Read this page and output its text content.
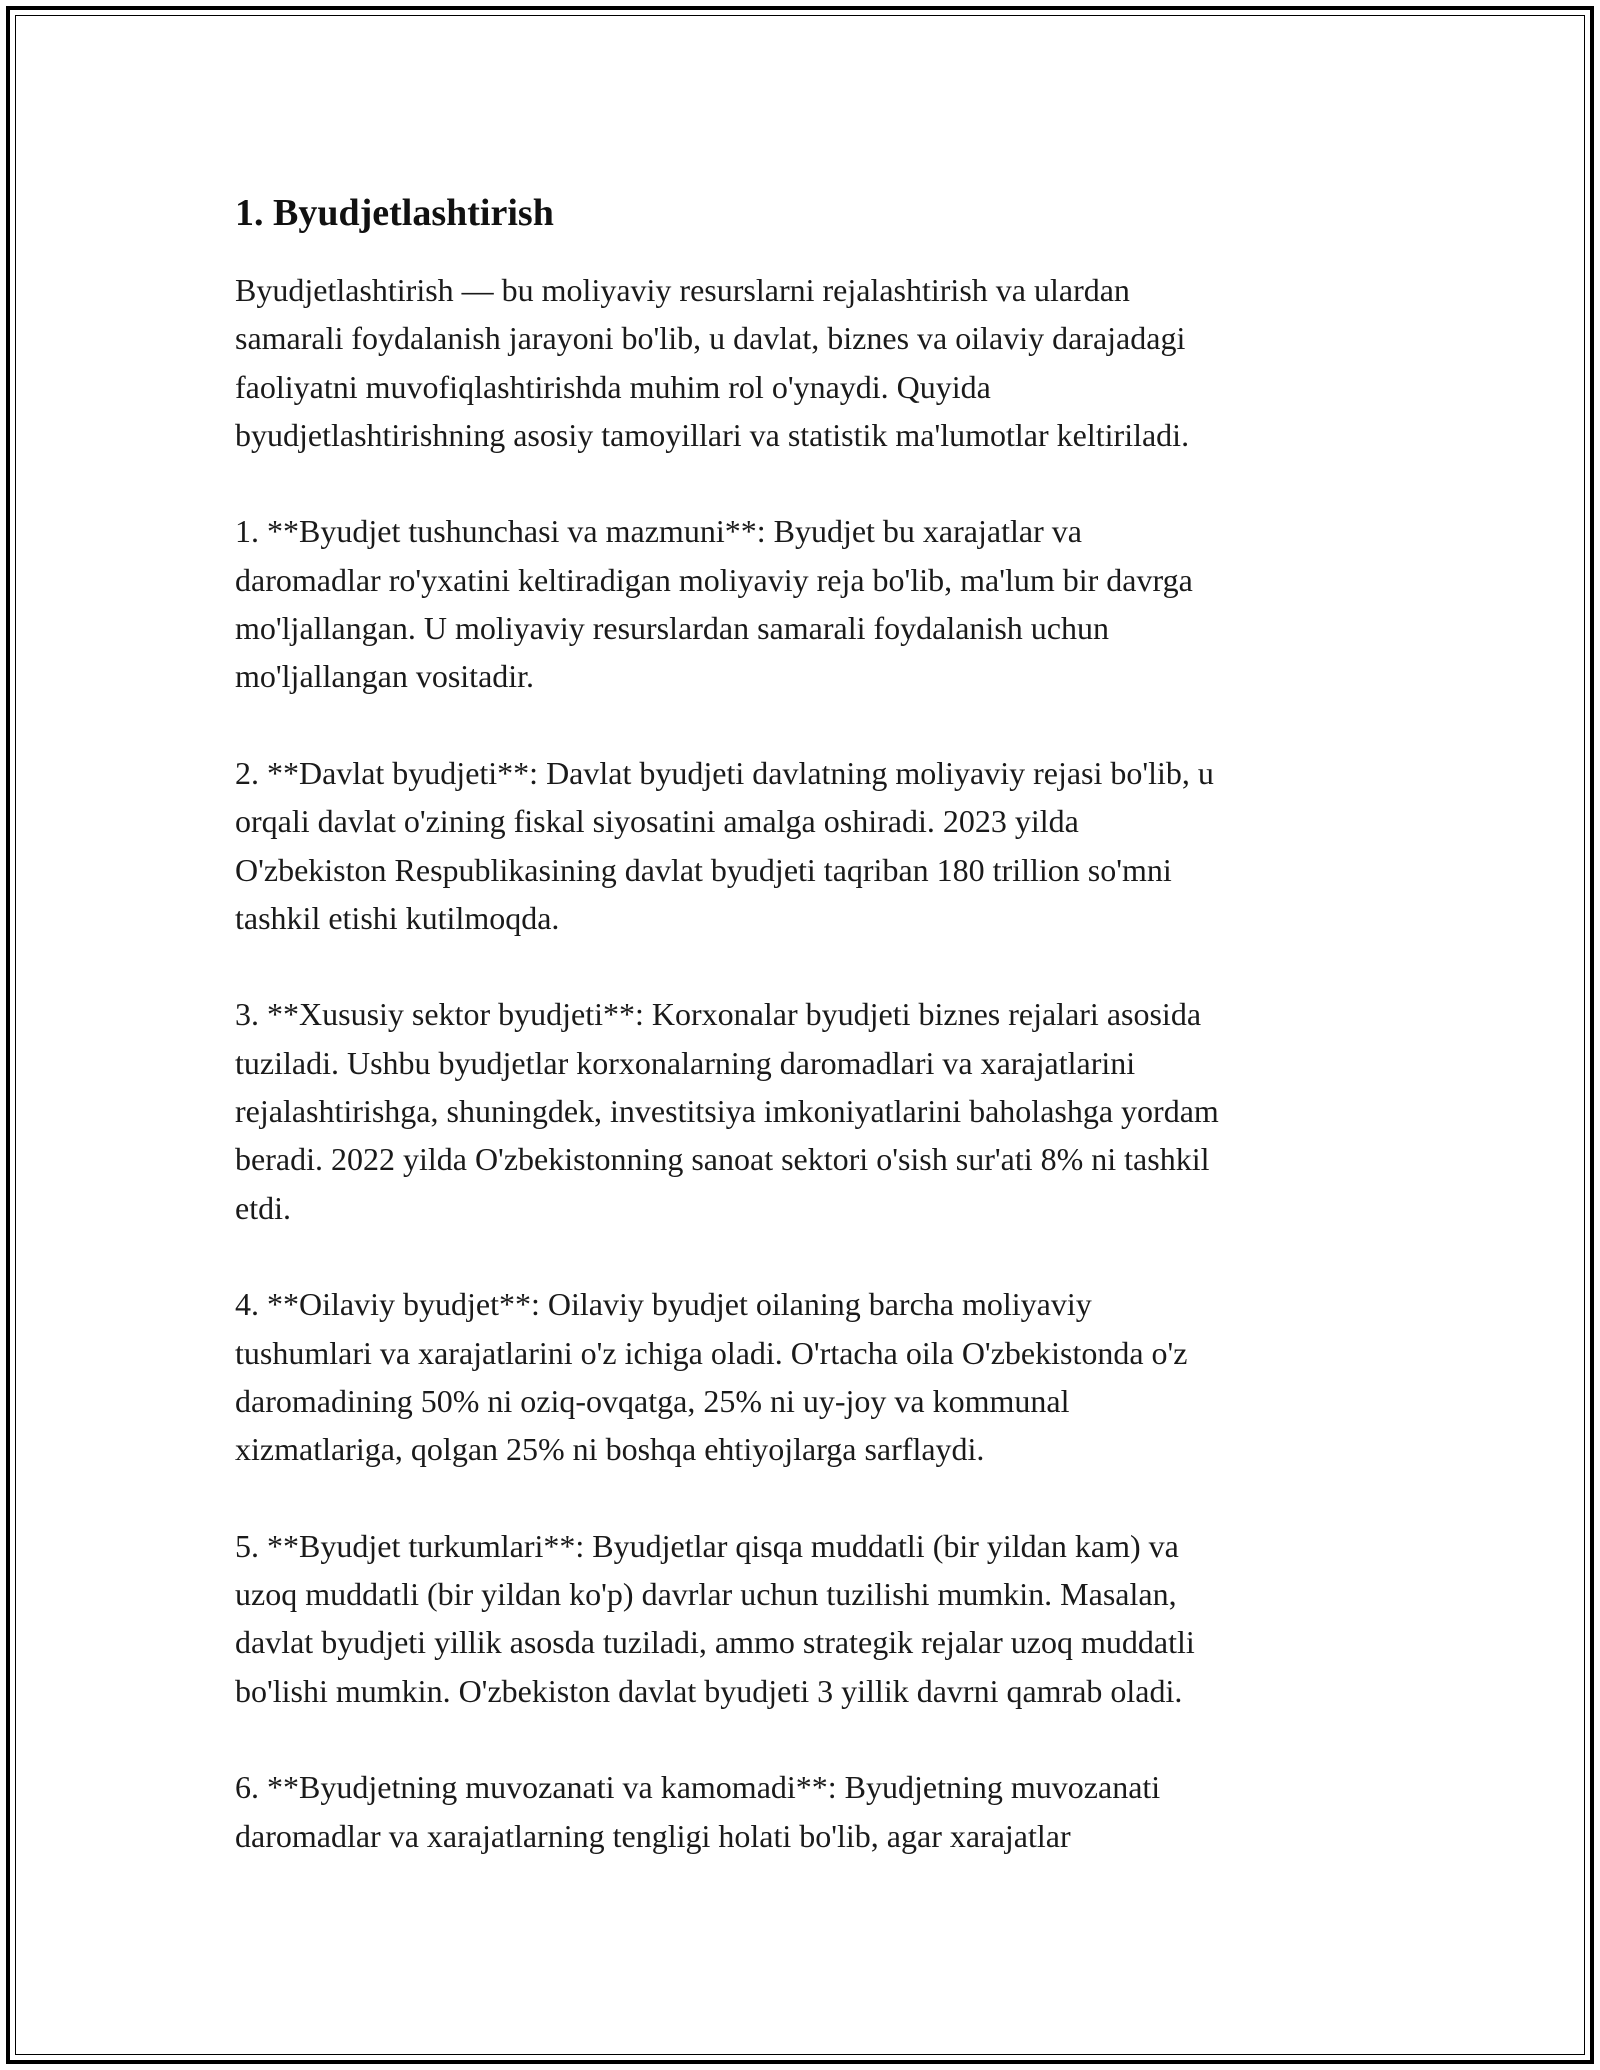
1. Byudjetlashtirish

Byudjetlashtirish — bu moliyaviy resurslarni rejalashtirish va ulardan
samarali foydalanish jarayoni bo'lib, u davlat, biznes va oilaviy darajadagi
faoliyatni muvofiqlashtirishda muhim rol o'ynaydi. Quyida
byudjetlashtirishning asosiy tamoyillari va statistik ma'lumotlar keltiriladi.

1. **Byudjet tushunchasi va mazmuni**: Byudjet bu xarajatlar va
daromadlar ro'yxatini keltiradigan moliyaviy reja bo'lib, ma'lum bir davrga
mo'ljallangan. U moliyaviy resurslardan samarali foydalanish uchun
mo'ljallangan vositadir.

2. **Davlat byudjeti**: Davlat byudjeti davlatning moliyaviy rejasi bo'lib, u
orqali davlat o'zining fiskal siyosatini amalga oshiradi. 2023 yilda
O'zbekiston Respublikasining davlat byudjeti taqriban 180 trillion so'mni
tashkil etishi kutilmoqda.

3. **Xususiy sektor byudjeti**: Korxonalar byudjeti biznes rejalari asosida
tuziladi. Ushbu byudjetlar korxonalarning daromadlari va xarajatlarini
rejalashtirishga, shuningdek, investitsiya imkoniyatlarini baholashga yordam
beradi. 2022 yilda O'zbekistonning sanoat sektori o'sish sur'ati 8% ni tashkil
etdi.

4. **Oilaviy byudjet**: Oilaviy byudjet oilaning barcha moliyaviy
tushumlari va xarajatlarini o'z ichiga oladi. O'rtacha oila O'zbekistonda o'z
daromadining 50% ni oziq-ovqatga, 25% ni uy-joy va kommunal
xizmatlariga, qolgan 25% ni boshqa ehtiyojlarga sarflaydi.

5. **Byudjet turkumlari**: Byudjetlar qisqa muddatli (bir yildan kam) va
uzoq muddatli (bir yildan ko'p) davrlar uchun tuzilishi mumkin. Masalan,
davlat byudjeti yillik asosda tuziladi, ammo strategik rejalar uzoq muddatli
bo'lishi mumkin. O'zbekiston davlat byudjeti 3 yillik davrni qamrab oladi.

6. **Byudjetning muvozanati va kamomadi**: Byudjetning muvozanati
daromadlar va xarajatlarning tengligi holati bo'lib, agar xarajatlar
